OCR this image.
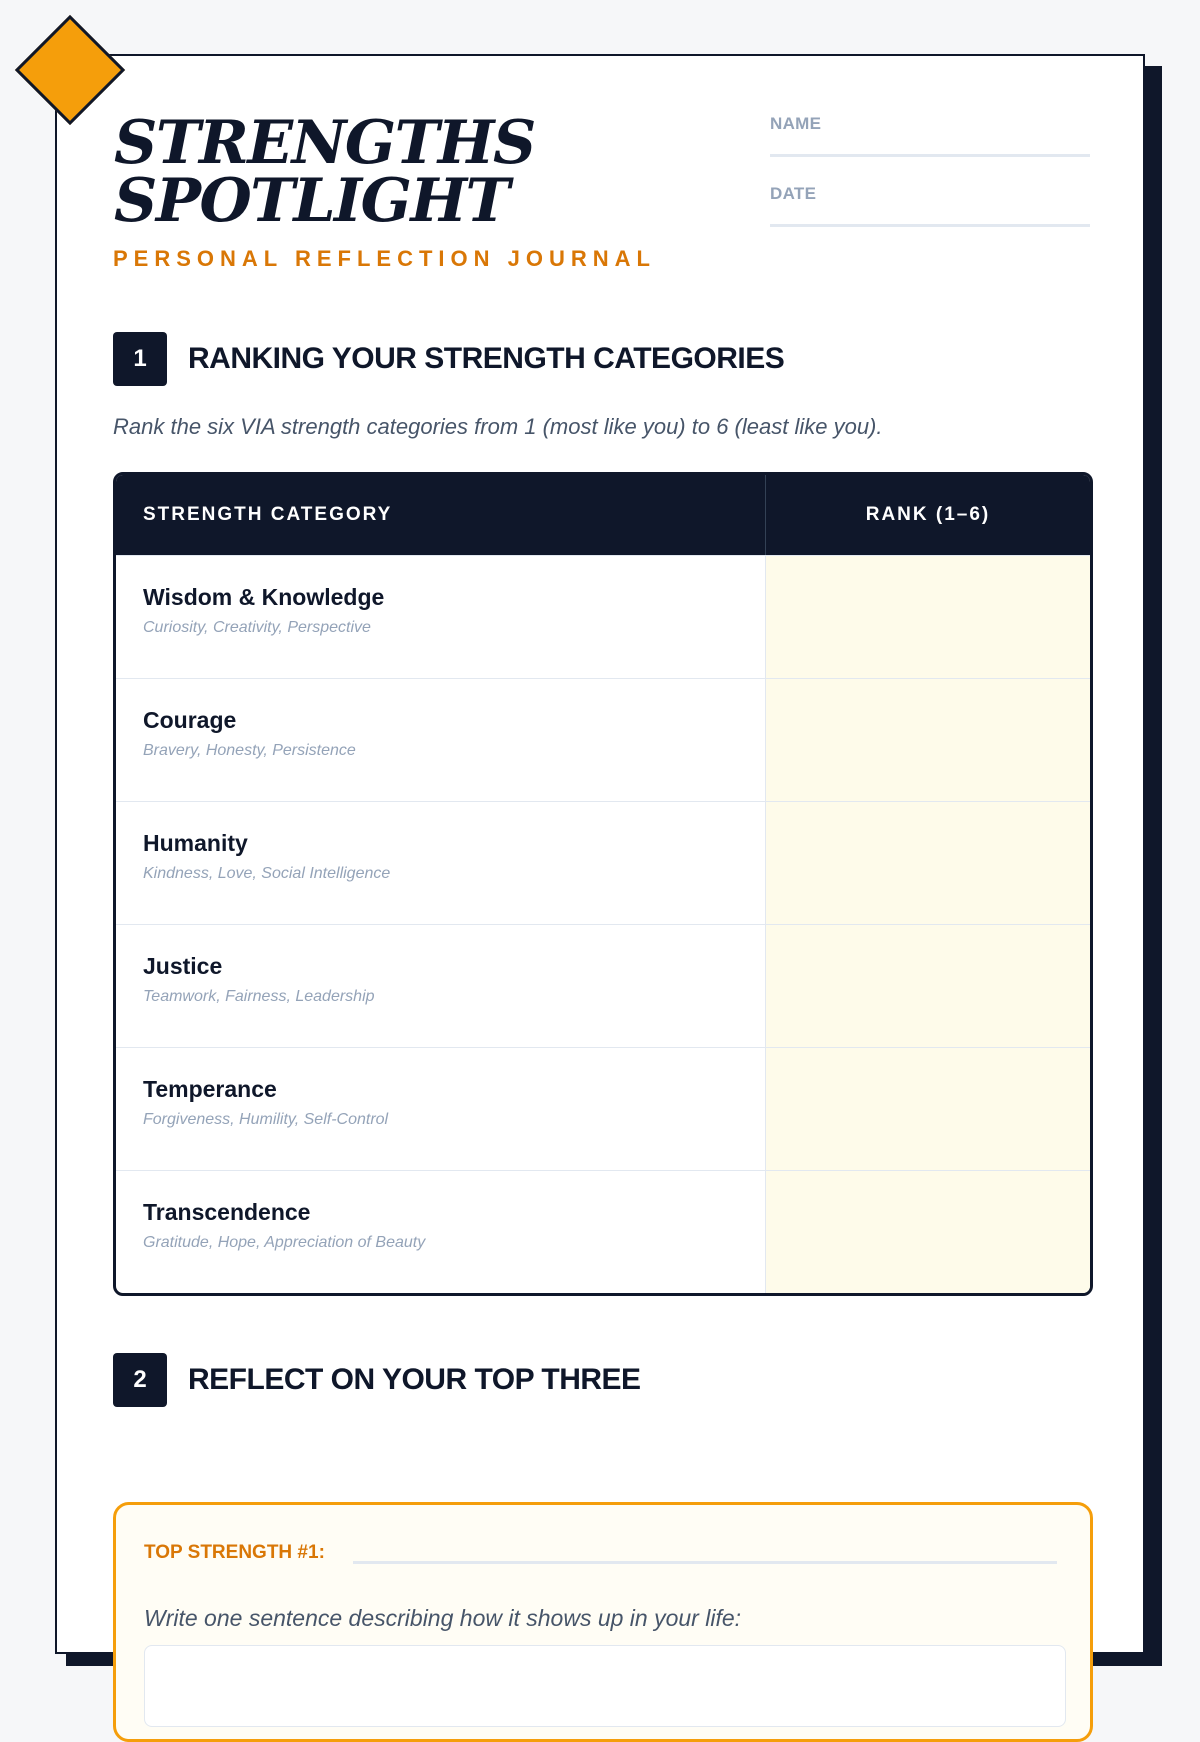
STRENGTHS
SPOTLIGHT
PERSONAL REFLECTION JOURNAL
NAME
DATE
1	RANKING YOUR STRENGTH CATEGORIES
Rank the six VIA strength categories from 1 (most like you) to 6 (least like you).
STRENGTH CATEGORY	RANK (1–6)
Wisdom & Knowledge
Curiosity, Creativity, Perspective
Courage
Bravery, Honesty, Persistence
Humanity
Kindness, Love, Social Intelligence
Justice
Teamwork, Fairness, Leadership
Temperance
Forgiveness, Humility, Self-Control
Transcendence
Gratitude, Hope, Appreciation of Beauty
2	REFLECT ON YOUR TOP THREE
TOP STRENGTH #1:
Write one sentence describing how it shows up in your life:
